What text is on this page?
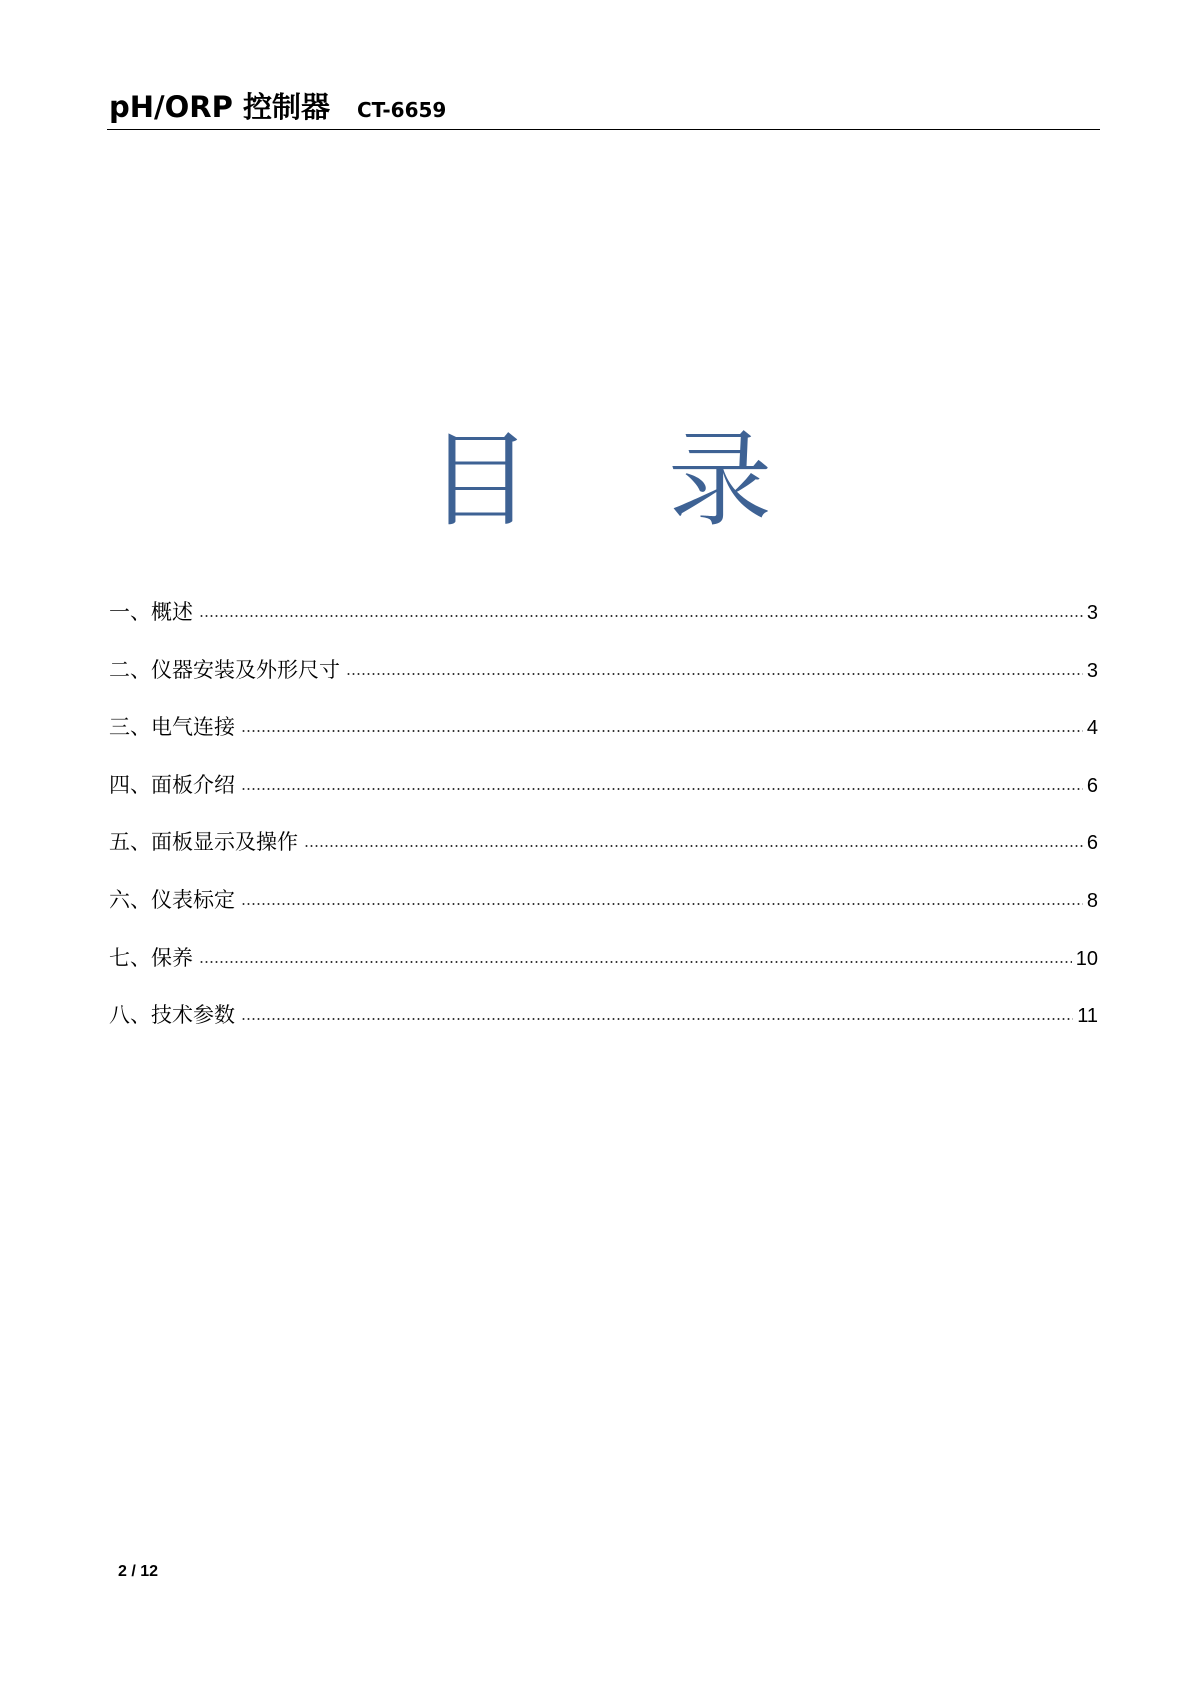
pH/ORP 控制器 CT-6659
目 录
一、概述	3
二、仪器安装及外形尺寸	3
三、电气连接	4
四、面板介绍	6
五、面板显示及操作	6
六、仪表标定	8
七、保养	10
八、技术参数	11
2 / 12
